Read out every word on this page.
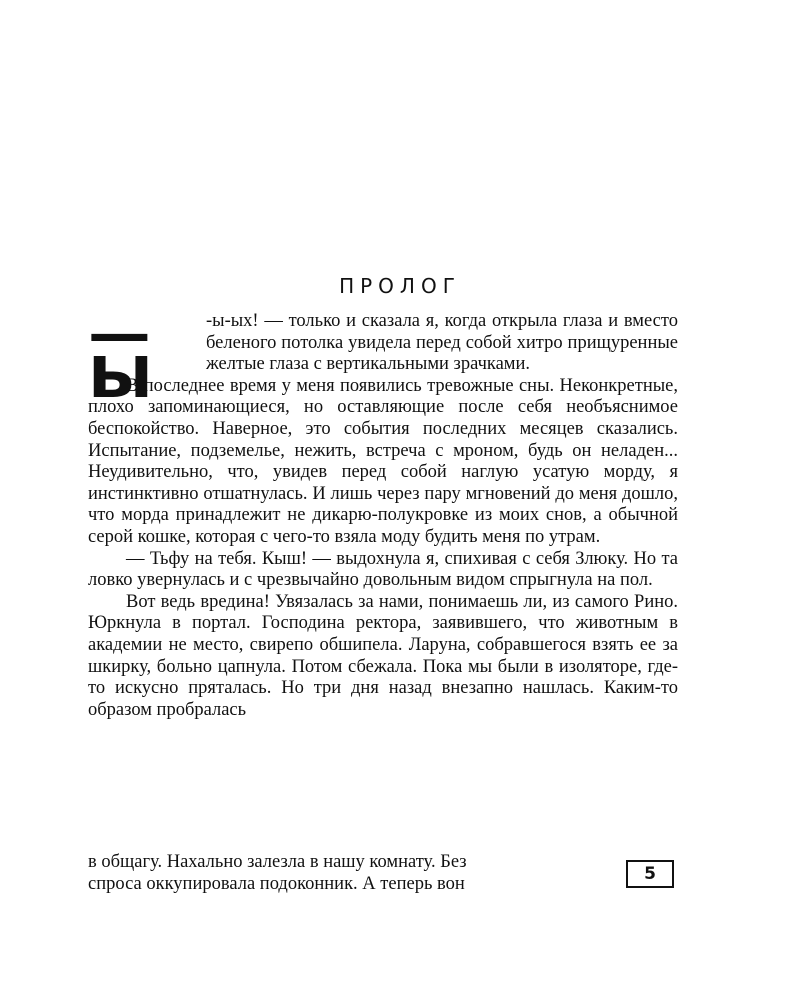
ПРОЛОГ

—Ы
-ы-ых! — только и сказала я, когда открыла глаза и вместо беленого потолка увидела перед собой хитро прищуренные желтые глаза с вертикальными зрачками.

В последнее время у меня появились тревожные сны. Неконкретные, плохо запоминающиеся, но оставляющие после себя необъяснимое беспокойство. Наверное, это события последних месяцев сказались. Испытание, подземелье, нежить, встреча с мроном, будь он неладен... Неудивительно, что, увидев перед собой наглую усатую морду, я инстинктивно отшатнулась. И лишь через пару мгновений до меня дошло, что морда принадлежит не дикарю-полукровке из моих снов, а обычной серой кошке, которая с чего-то взяла моду будить меня по утрам.

— Тьфу на тебя. Кыш! — выдохнула я, спихивая с себя Злюку. Но та ловко увернулась и с чрезвычайно довольным видом спрыгнула на пол.

Вот ведь вредина! Увязалась за нами, понимаешь ли, из самого Рино. Юркнула в портал. Господина ректора, заявившего, что животным в академии не место, свирепо обшипела. Ларуна, собравшегося взять ее за шкирку, больно цапнула. Потом сбежала. Пока мы были в изоляторе, где-то искусно пряталась. Но три дня назад внезапно нашлась. Каким-то образом пробралась

в общагу. Нахально залезла в нашу комнату. Без
спроса оккупировала подоконник. А теперь вон	5
